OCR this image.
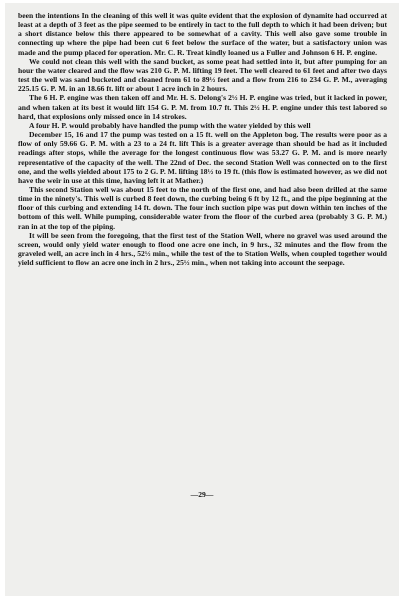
been the intentions In the cleaning of this well it was quite evident that the explosion of dynamite had occurred at least at a depth of 3 feet as the pipe seemed to be entirely in tact to the full depth to which it had been driven; but a short distance below this there appeared to be somewhat of a cavity. This well also gave some trouble in connecting up where the pipe had been cut 6 feet below the surface of the water, but a satisfactory union was made and the pump placed for operation. Mr. C. R. Treat kindly loaned us a Fuller and Johnson 6 H. P. engine.

We could not clean this well with the sand bucket, as some peat had settled into it, but after pumping for an hour the water cleared and the flow was 210 G. P. M. lifting 19 feet. The well cleared to 61 feet and after two days test the well was sand bucketed and cleaned from 61 to 89½ feet and a flow from 216 to 234 G. P. M., averaging 225.15 G. P. M. in an 18.66 ft. lift or about 1 acre inch in 2 hours.

The 6 H. P. engine was then taken off and Mr. H. S. Delong's 2½ H. P. engine was tried, but it lacked in power, and when taken at its best it would lift 154 G. P. M. from 10.7 ft. This 2½ H. P. engine under this test labored so hard, that explosions only missed once in 14 strokes.

A four H. P. would probably have handled the pump with the water yielded by this well

December 15, 16 and 17 the pump was tested on a 15 ft. well on the Appleton bog. The results were poor as a flow of only 59.66 G. P. M. with a 23 to a 24 ft. lift This is a greater average than should be had as it included readings after stops, while the average for the longest continuous flow was 53.27 G. P. M. and is more nearly representative of the capacity of the well. The 22nd of Dec. the second Station Well was connected on to the first one, and the wells yielded about 175 to 2 G. P. M. lifting 18½ to 19 ft. (this flow is estimated however, as we did not have the weir in use at this time, having left it at Mather.)

This second Station well was about 15 feet to the north of the first one, and had also been drilled at the same time in the ninety's. This well is curbed 8 feet down, the curbing being 6 ft by 12 ft., and the pipe beginning at the floor of this curbing and extending 14 ft. down. The four inch suction pipe was put down within ten inches of the bottom of this well. While pumping, considerable water from the floor of the curbed area (probably 3 G. P. M.) ran in at the top of the piping.

It will be seen from the foregoing, that the first test of the Station Well, where no gravel was used around the screen, would only yield water enough to flood one acre one inch, in 9 hrs., 32 minutes and the flow from the graveled well, an acre inch in 4 hrs., 52½ min., while the test of the to Station Wells, when coupled together would yield sufficient to flow an acre one inch in 2 hrs., 25½ min., when not taking into account the seepage.

—29—
